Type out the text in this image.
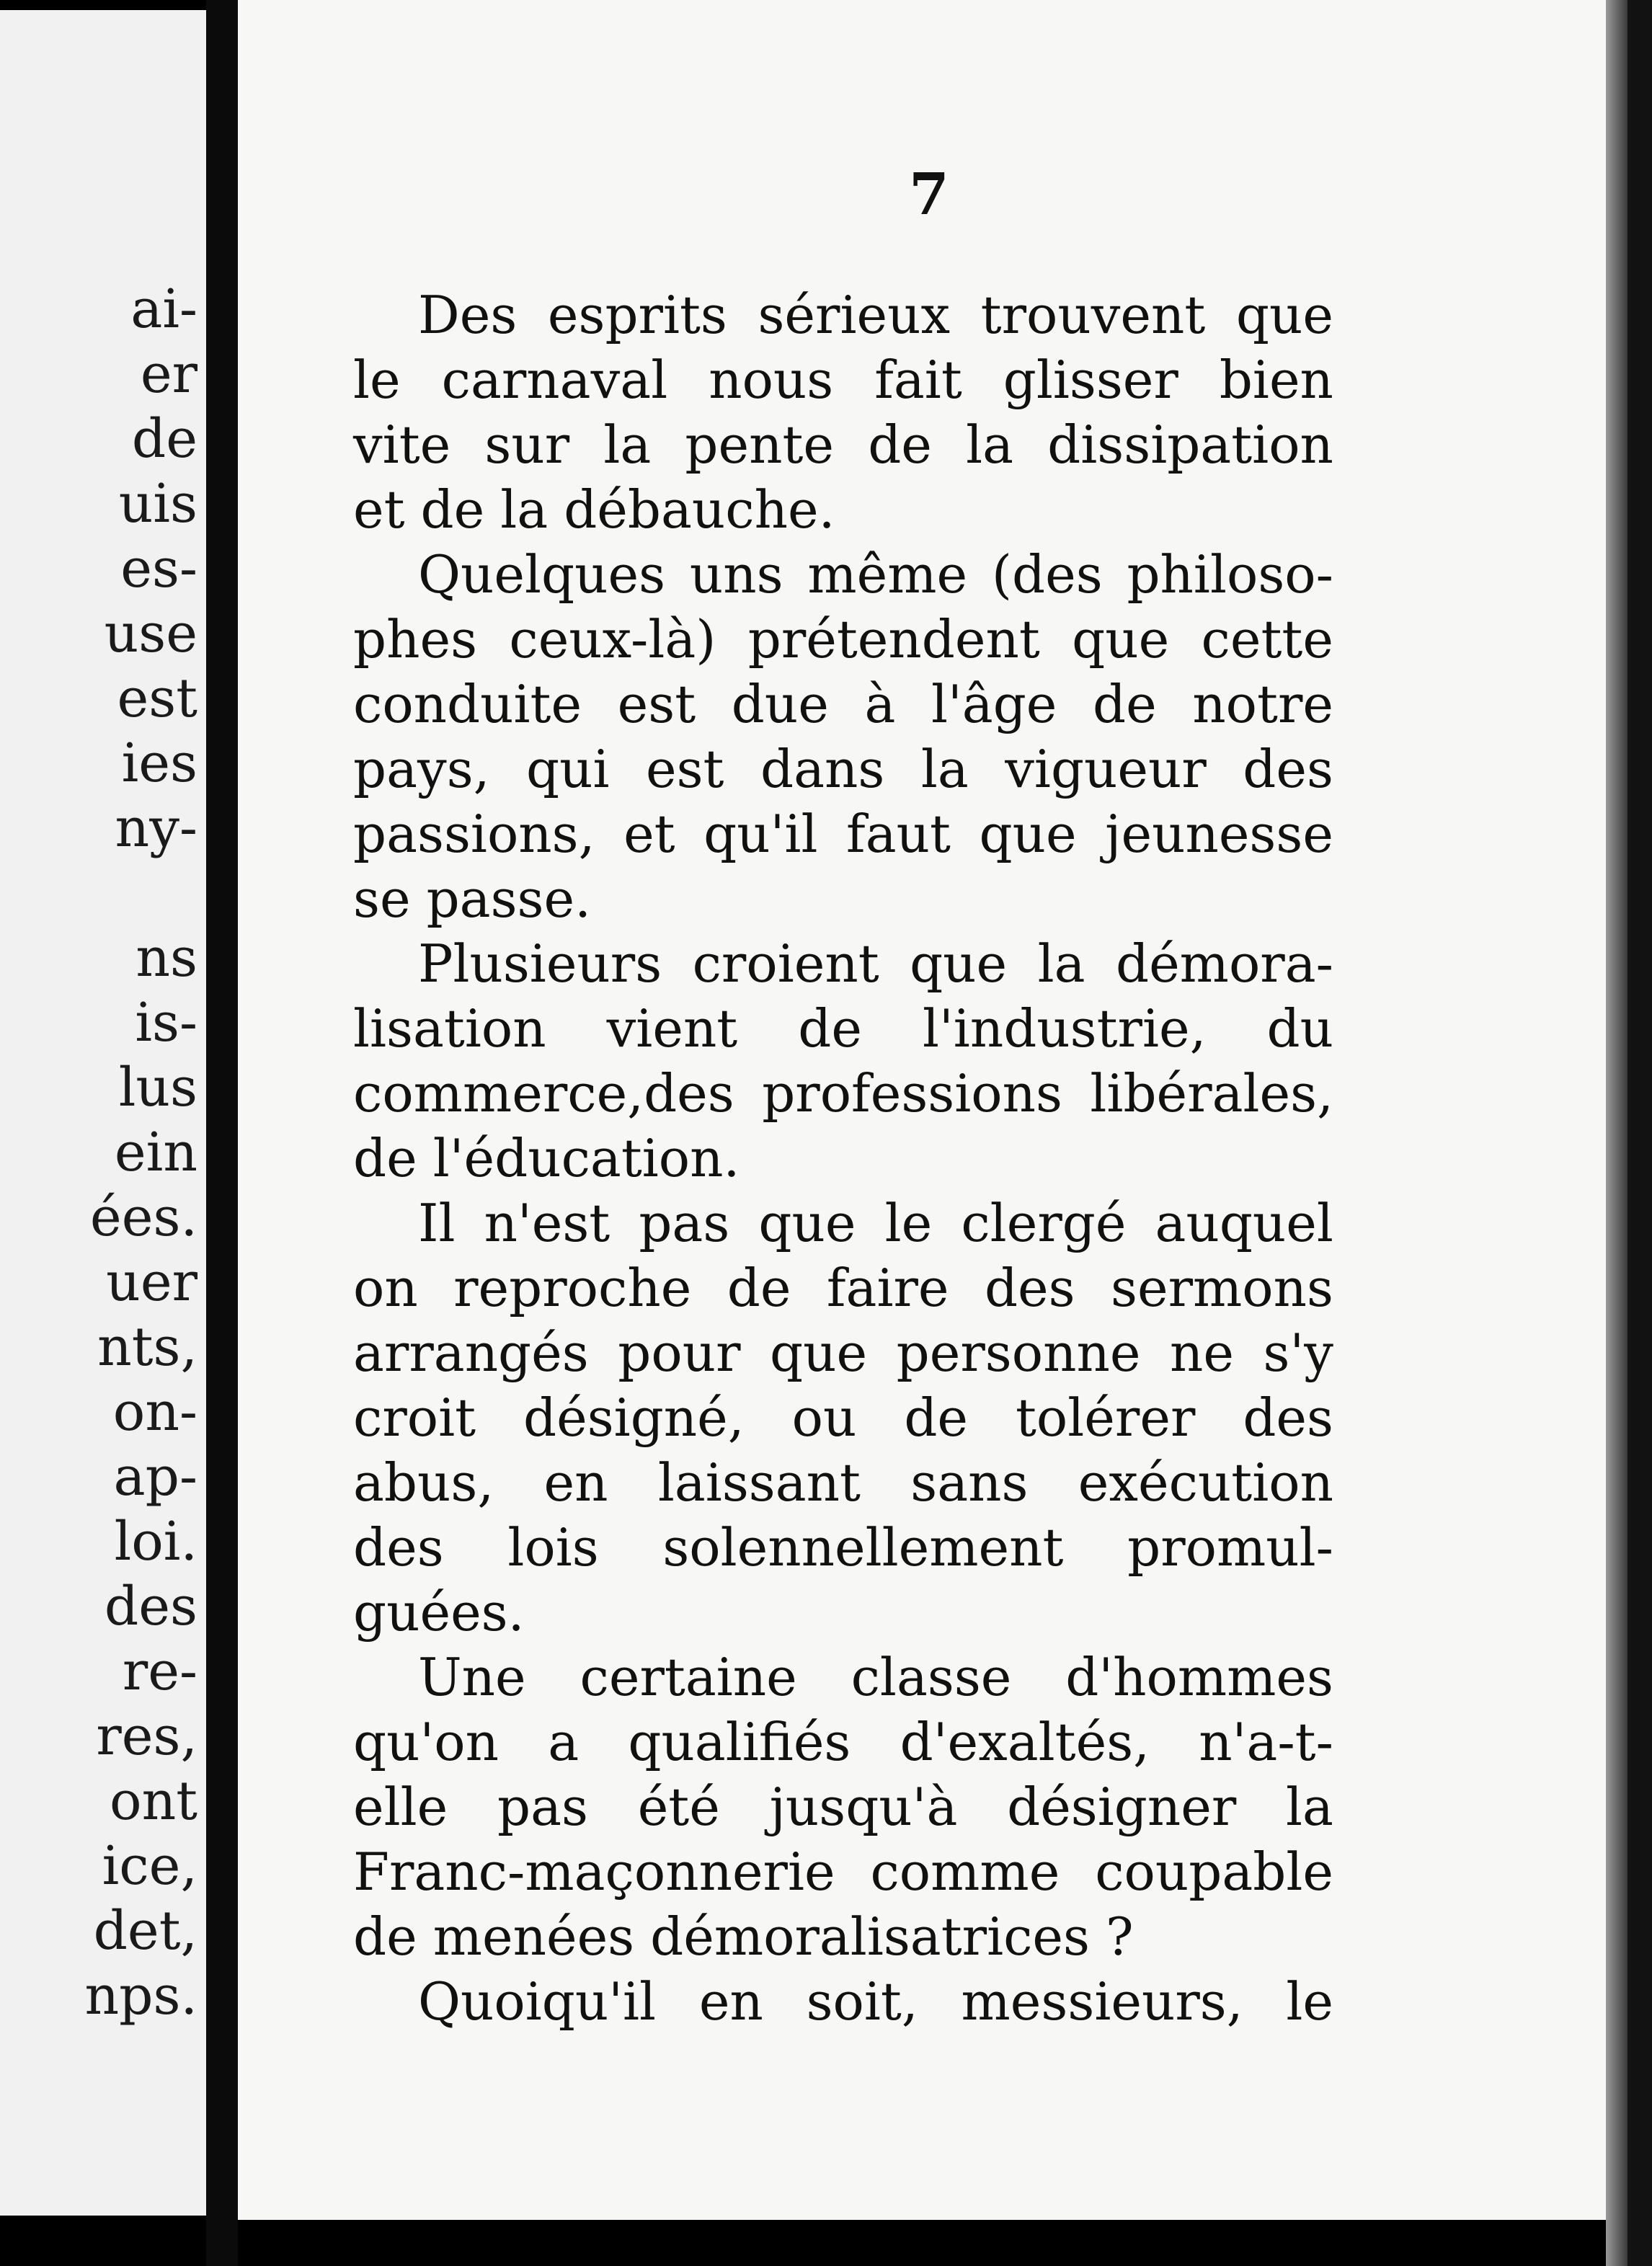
ai-
er
de
uis
es-
use
est
ies
ny-
ns
is-
lus
ein
ées.
uer
nts,
on-
ap-
loi.
des
re-
res,
ont
ice,
det,
nps.
7
Des esprits sérieux trouvent que
le carnaval nous fait glisser bien
vite sur la pente de la dissipation
et de la débauche.
Quelques uns même (des philoso-
phes ceux-là) prétendent que cette
conduite est due à l'âge de notre
pays, qui est dans la vigueur des
passions, et qu'il faut que jeunesse
se passe.
Plusieurs croient que la démora-
lisation vient de l'industrie, du
commerce,des professions libérales,
de l'éducation.
Il n'est pas que le clergé auquel
on reproche de faire des sermons
arrangés pour que personne ne s'y
croit désigné, ou de tolérer des
abus, en laissant sans exécution
des lois solennellement promul-
guées.
Une certaine classe d'hommes
qu'on a qualifiés d'exaltés, n'a-t-
elle pas été jusqu'à désigner la
Franc-maçonnerie comme coupable
de menées démoralisatrices ?
Quoiqu'il en soit, messieurs, le
